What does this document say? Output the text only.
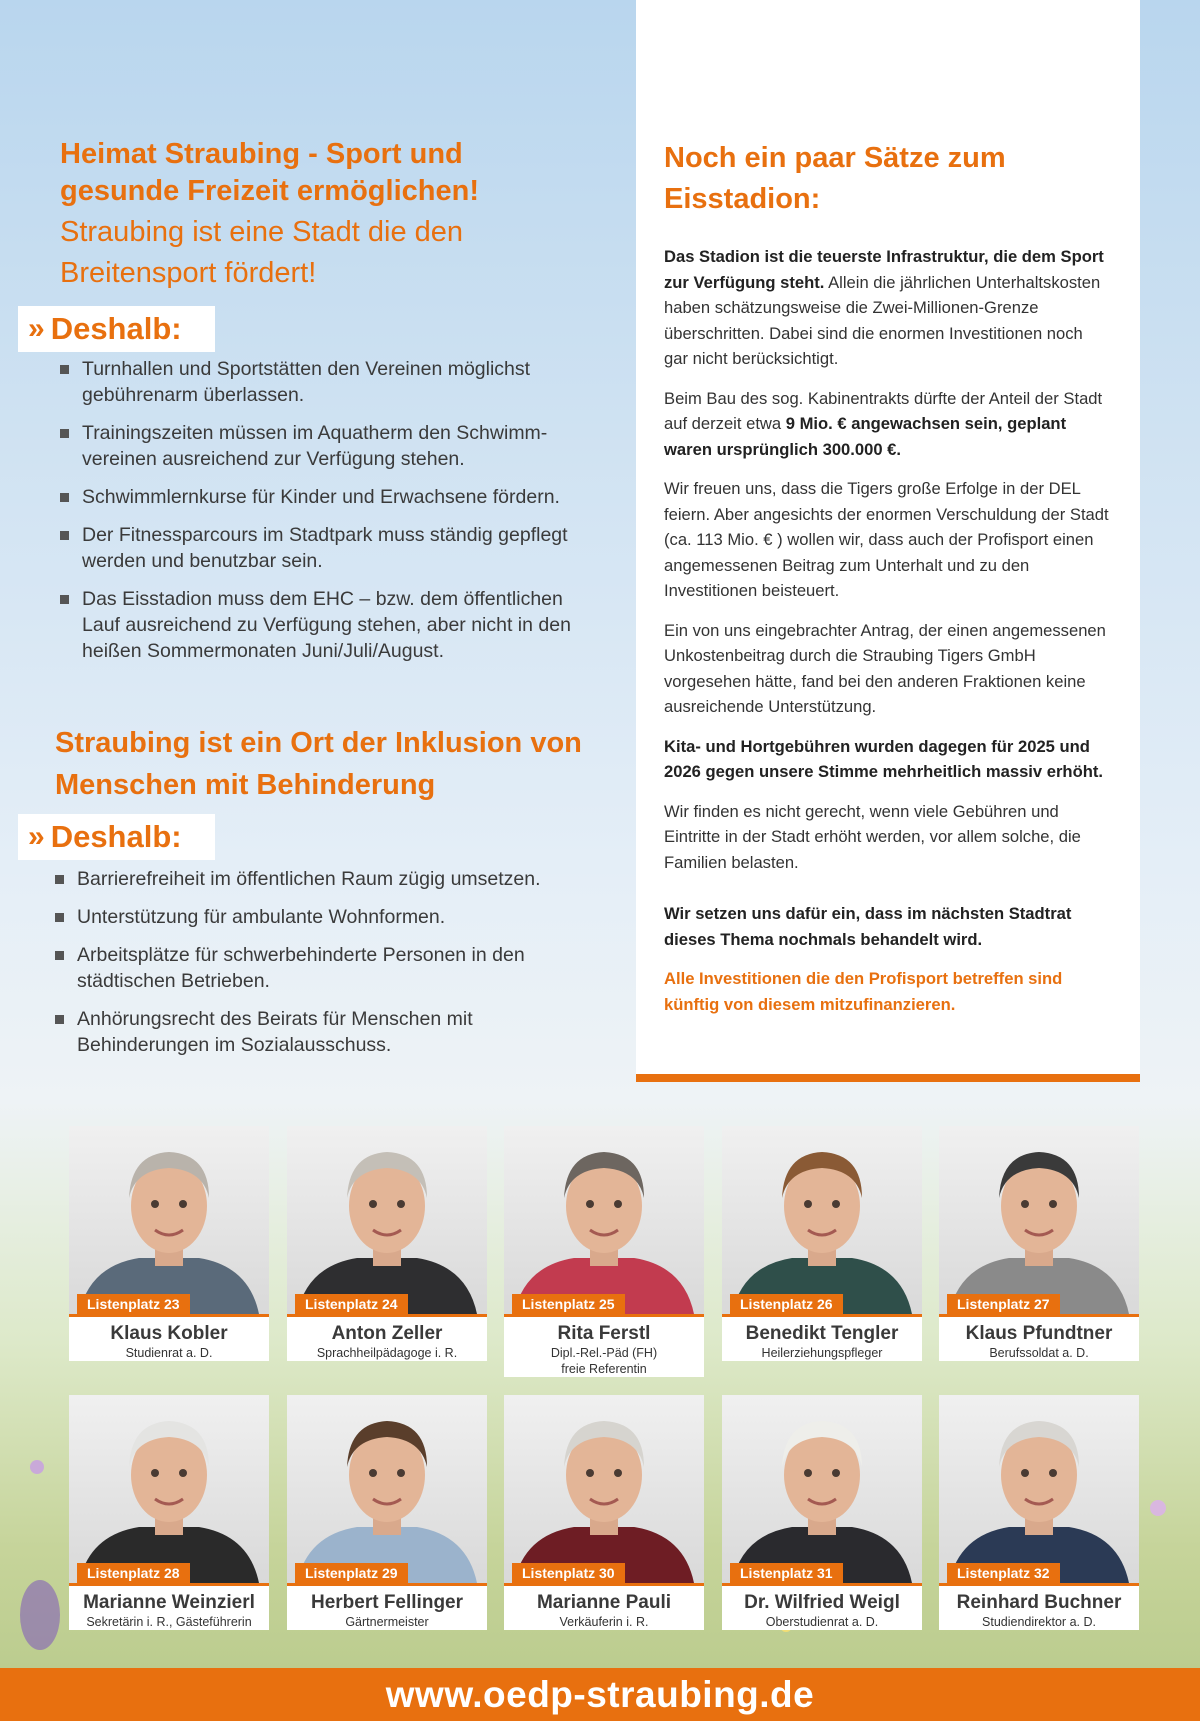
Heimat Straubing - Sport und gesunde Freizeit ermöglichen!
Straubing ist eine Stadt die den Breitensport fördert!
» Deshalb:
Turnhallen und Sportstätten den Vereinen möglichst gebührenarm überlassen.
Trainingszeiten müssen im Aquatherm den Schwimm-vereinen ausreichend zur Verfügung stehen.
Schwimmlernkurse für Kinder und Erwachsene fördern.
Der Fitnessparcours im Stadtpark muss ständig gepflegt werden und benutzbar sein.
Das Eisstadion muss dem EHC – bzw. dem öffentlichen Lauf ausreichend zu Verfügung stehen, aber nicht in den heißen Sommermonaten Juni/Juli/August.
Straubing ist ein Ort der Inklusion von Menschen mit Behinderung
» Deshalb:
Barrierefreiheit im öffentlichen Raum zügig umsetzen.
Unterstützung für ambulante Wohnformen.
Arbeitsplätze für schwerbehinderte Personen in den städtischen Betrieben.
Anhörungsrecht des Beirats für Menschen mit Behinderungen im Sozialausschuss.
Noch ein paar Sätze zum Eisstadion:

Das Stadion ist die teuerste Infrastruktur, die dem Sport zur Verfügung steht. Allein die jährlichen Unterhaltskosten haben schätzungsweise die Zwei-Millionen-Grenze überschritten. Dabei sind die enormen Investitionen noch gar nicht berücksichtigt.

Beim Bau des sog. Kabinentrakts dürfte der Anteil der Stadt auf derzeit etwa 9 Mio. € angewachsen sein, geplant waren ursprünglich 300.000 €.

Wir freuen uns, dass die Tigers große Erfolge in der DEL feiern. Aber angesichts der enormen Verschuldung der Stadt (ca. 113 Mio. € ) wollen wir, dass auch der Profisport einen angemessenen Beitrag zum Unterhalt und zu den Investitionen beisteuert.

Ein von uns eingebrachter Antrag, der einen angemessenen Unkostenbeitrag durch die Straubing Tigers GmbH vorgesehen hätte, fand bei den anderen Fraktionen keine ausreichende Unterstützung.

Kita- und Hortgebühren wurden dagegen für 2025 und 2026 gegen unsere Stimme mehrheitlich massiv erhöht.

Wir finden es nicht gerecht, wenn viele Gebühren und Eintritte in der Stadt erhöht werden, vor allem solche, die Familien belasten.

Wir setzen uns dafür ein, dass im nächsten Stadtrat dieses Thema nochmals behandelt wird.

Alle Investitionen die den Profisport betreffen sind künftig von diesem mitzufinanzieren.

Listenplatz 23
Klaus Kobler
Studienrat a. D.
Listenplatz 24
Anton Zeller
Sprachheilpädagoge i. R.
Listenplatz 25
Rita Ferstl
Dipl.-Rel.-Päd (FH)
freie Referentin
Listenplatz 26
Benedikt Tengler
Heilerziehungspfleger
Listenplatz 27
Klaus Pfundtner
Berufssoldat a. D.
Listenplatz 28
Marianne Weinzierl
Sekretärin i. R., Gästeführerin
Listenplatz 29
Herbert Fellinger
Gärtnermeister
Listenplatz 30
Marianne Pauli
Verkäuferin i. R.
Listenplatz 31
Dr. Wilfried Weigl
Oberstudienrat a. D.
Listenplatz 32
Reinhard Buchner
Studiendirektor a. D.
www.oedp-straubing.de
